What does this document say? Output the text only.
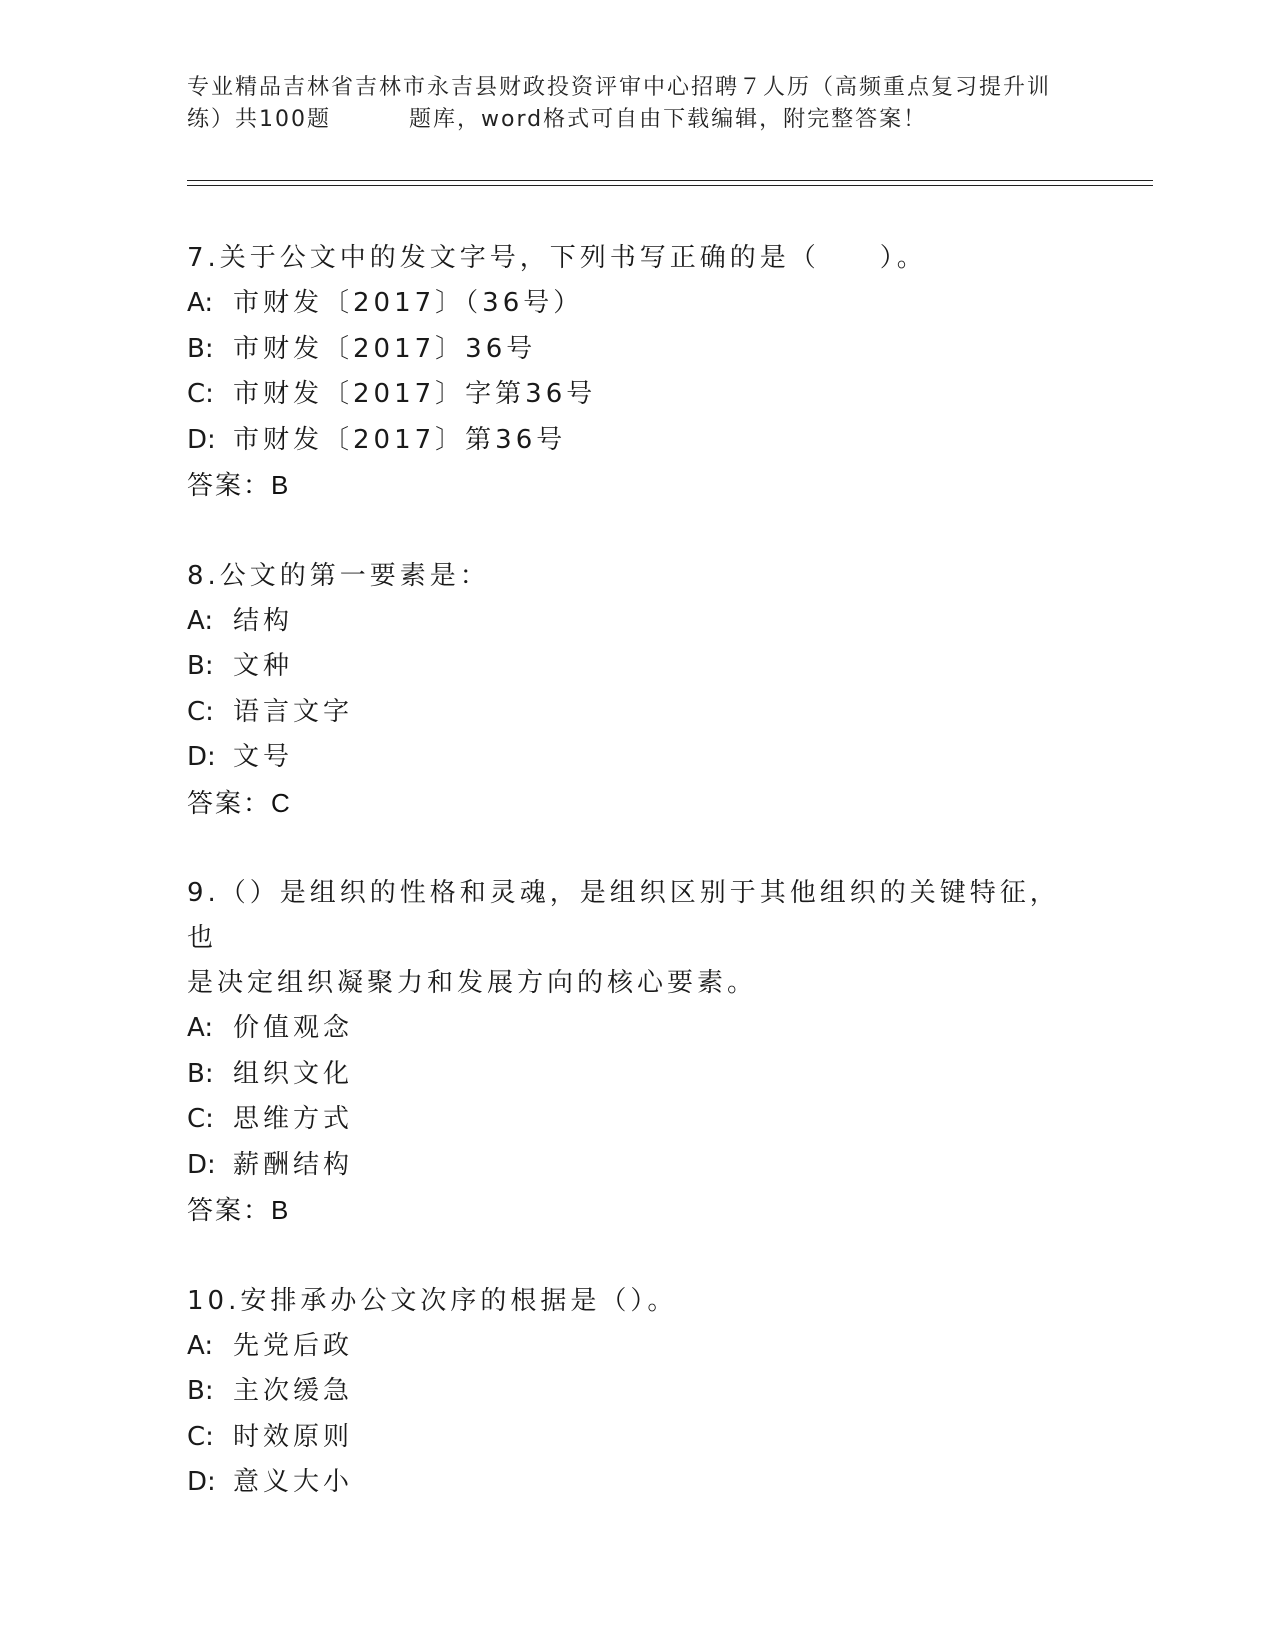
专业精品吉林省吉林市永吉县财政投资评审中心招聘７人历（高频重点复习提升训
练）共100题	题库，word格式可自由下载编辑，附完整答案！
7.关于公文中的发文字号，下列书写正确的是（　　）。
A: 市财发〔2017〕（36号）
B: 市财发〔2017〕36号
C: 市财发〔2017〕字第36号
D: 市财发〔2017〕第36号
答案：B
8.公文的第一要素是：
A: 结构
B: 文种
C: 语言文字
D: 文号
答案：C
9.（）是组织的性格和灵魂，是组织区别于其他组织的关键特征，也
是决定组织凝聚力和发展方向的核心要素。
A: 价值观念
B: 组织文化
C: 思维方式
D: 薪酬结构
答案：B
10.安排承办公文次序的根据是（）。
A: 先党后政
B: 主次缓急
C: 时效原则
D: 意义大小
